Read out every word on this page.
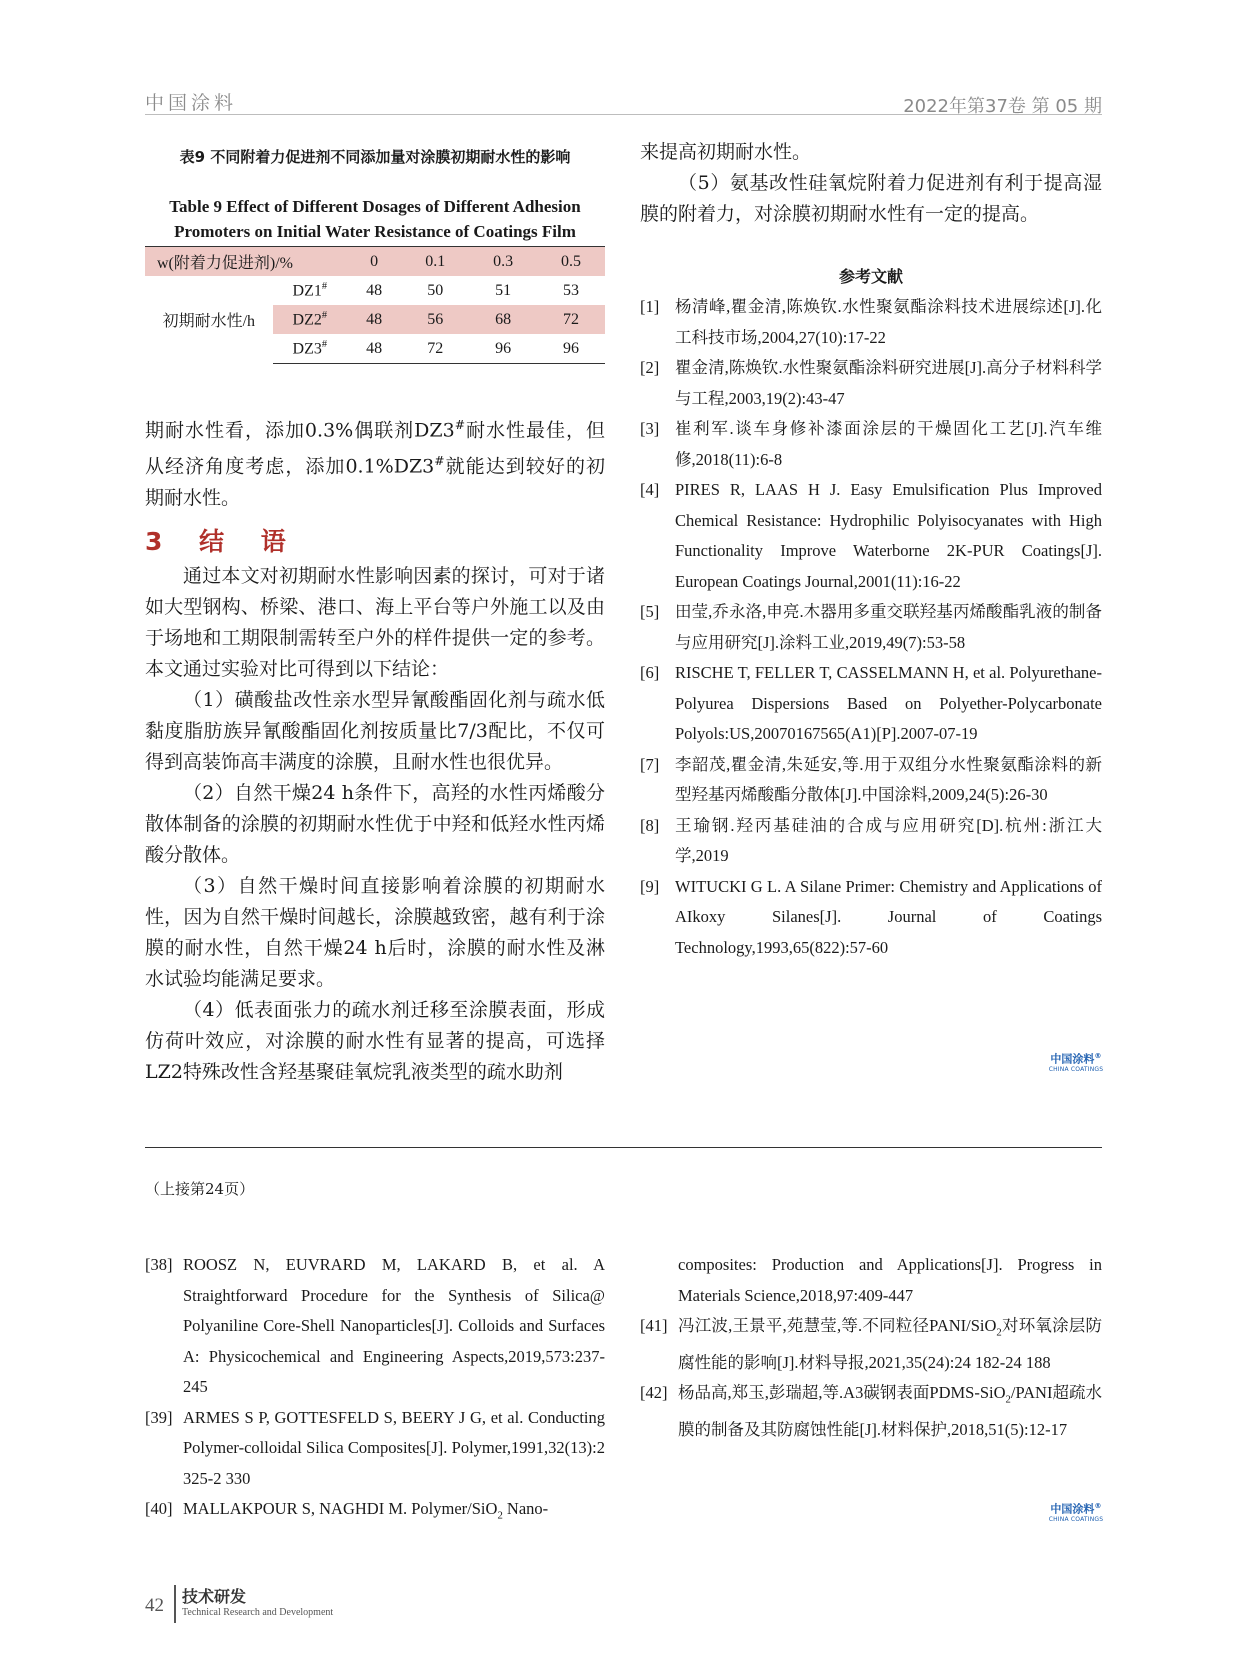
中国涂料	2022年第37卷 第 05 期
表9 不同附着力促进剂不同添加量对涂膜初期耐水性的影响
Table 9 Effect of Different Dosages of Different Adhesion Promoters on Initial Water Resistance of Coatings Film
w(附着力促进剂)/%		0	0.1	0.3	0.5
初期耐水性/h	DZ1#	48	50	51	53
	DZ2#	48	56	68	72
	DZ3#	48	72	96	96

期耐水性看，添加0.3%偶联剂DZ3#耐水性最佳，但从经济角度考虑，添加0.1%DZ3#就能达到较好的初期耐水性。

3 结 语

通过本文对初期耐水性影响因素的探讨，可对于诸如大型钢构、桥梁、港口、海上平台等户外施工以及由于场地和工期限制需转至户外的样件提供一定的参考。本文通过实验对比可得到以下结论：

（1）磺酸盐改性亲水型异氰酸酯固化剂与疏水低黏度脂肪族异氰酸酯固化剂按质量比7/3配比，不仅可得到高装饰高丰满度的涂膜，且耐水性也很优异。

（2）自然干燥24 h条件下，高羟的水性丙烯酸分散体制备的涂膜的初期耐水性优于中羟和低羟水性丙烯酸分散体。

（3）自然干燥时间直接影响着涂膜的初期耐水性，因为自然干燥时间越长，涂膜越致密，越有利于涂膜的耐水性，自然干燥24 h后时，涂膜的耐水性及淋水试验均能满足要求。

（4）低表面张力的疏水剂迁移至涂膜表面，形成仿荷叶效应，对涂膜的耐水性有显著的提高，可选择LZ2特殊改性含羟基聚硅氧烷乳液类型的疏水助剂

来提高初期耐水性。

（5）氨基改性硅氧烷附着力促进剂有利于提高湿膜的附着力，对涂膜初期耐水性有一定的提高。

参考文献
[1] 杨清峰,瞿金清,陈焕钦.水性聚氨酯涂料技术进展综述[J].化工科技市场,2004,27(10):17-22
[2] 瞿金清,陈焕钦.水性聚氨酯涂料研究进展[J].高分子材料科学与工程,2003,19(2):43-47
[3] 崔利军.谈车身修补漆面涂层的干燥固化工艺[J].汽车维修,2018(11):6-8
[4] PIRES R, LAAS H J. Easy Emulsification Plus Improved Chemical Resistance: Hydrophilic Polyisocyanates with High Functionality Improve Waterborne 2K-PUR Coatings[J]. European Coatings Journal,2001(11):16-22
[5] 田莹,乔永洛,申亮.木器用多重交联羟基丙烯酸酯乳液的制备与应用研究[J].涂料工业,2019,49(7):53-58
[6] RISCHE T, FELLER T, CASSELMANN H, et al. Polyurethane-Polyurea Dispersions Based on Polyether-Polycarbonate Polyols:US,20070167565(A1)[P].2007-07-19
[7] 李韶茂,瞿金清,朱延安,等.用于双组分水性聚氨酯涂料的新型羟基丙烯酸酯分散体[J].中国涂料,2009,24(5):26-30
[8] 王瑜钢.羟丙基硅油的合成与应用研究[D].杭州:浙江大学,2019
[9] WITUCKI G L. A Silane Primer: Chemistry and Applications of AIkoxy Silanes[J]. Journal of Coatings Technology,1993,65(822):57-60
中国涂料®
CHINA COATINGS
（上接第24页）
[38] ROOSZ N, EUVRARD M, LAKARD B, et al. A Straightforward Procedure for the Synthesis of Silica@ Polyaniline Core-Shell Nanoparticles[J]. Colloids and Surfaces A: Physicochemical and Engineering Aspects,2019,573:237-245
[39] ARMES S P, GOTTESFELD S, BEERY J G, et al. Conducting Polymer-colloidal Silica Composites[J]. Polymer,1991,32(13):2 325-2 330
[40] MALLAKPOUR S, NAGHDI M. Polymer/SiO$_2$ Nano-
composites: Production and Applications[J]. Progress in Materials Science,2018,97:409-447
[41] 冯江波,王景平,苑慧莹,等.不同粒径PANI/SiO$_2$对环氧涂层防腐性能的影响[J].材料导报,2021,35(24):24 182-24 188
[42] 杨品高,郑玉,彭瑞超,等.A3碳钢表面PDMS-SiO$_2$/PANI超疏水膜的制备及其防腐蚀性能[J].材料保护,2018,51(5):12-17
中国涂料®
CHINA COATINGS
42 技术研发
Technical Research and Development
